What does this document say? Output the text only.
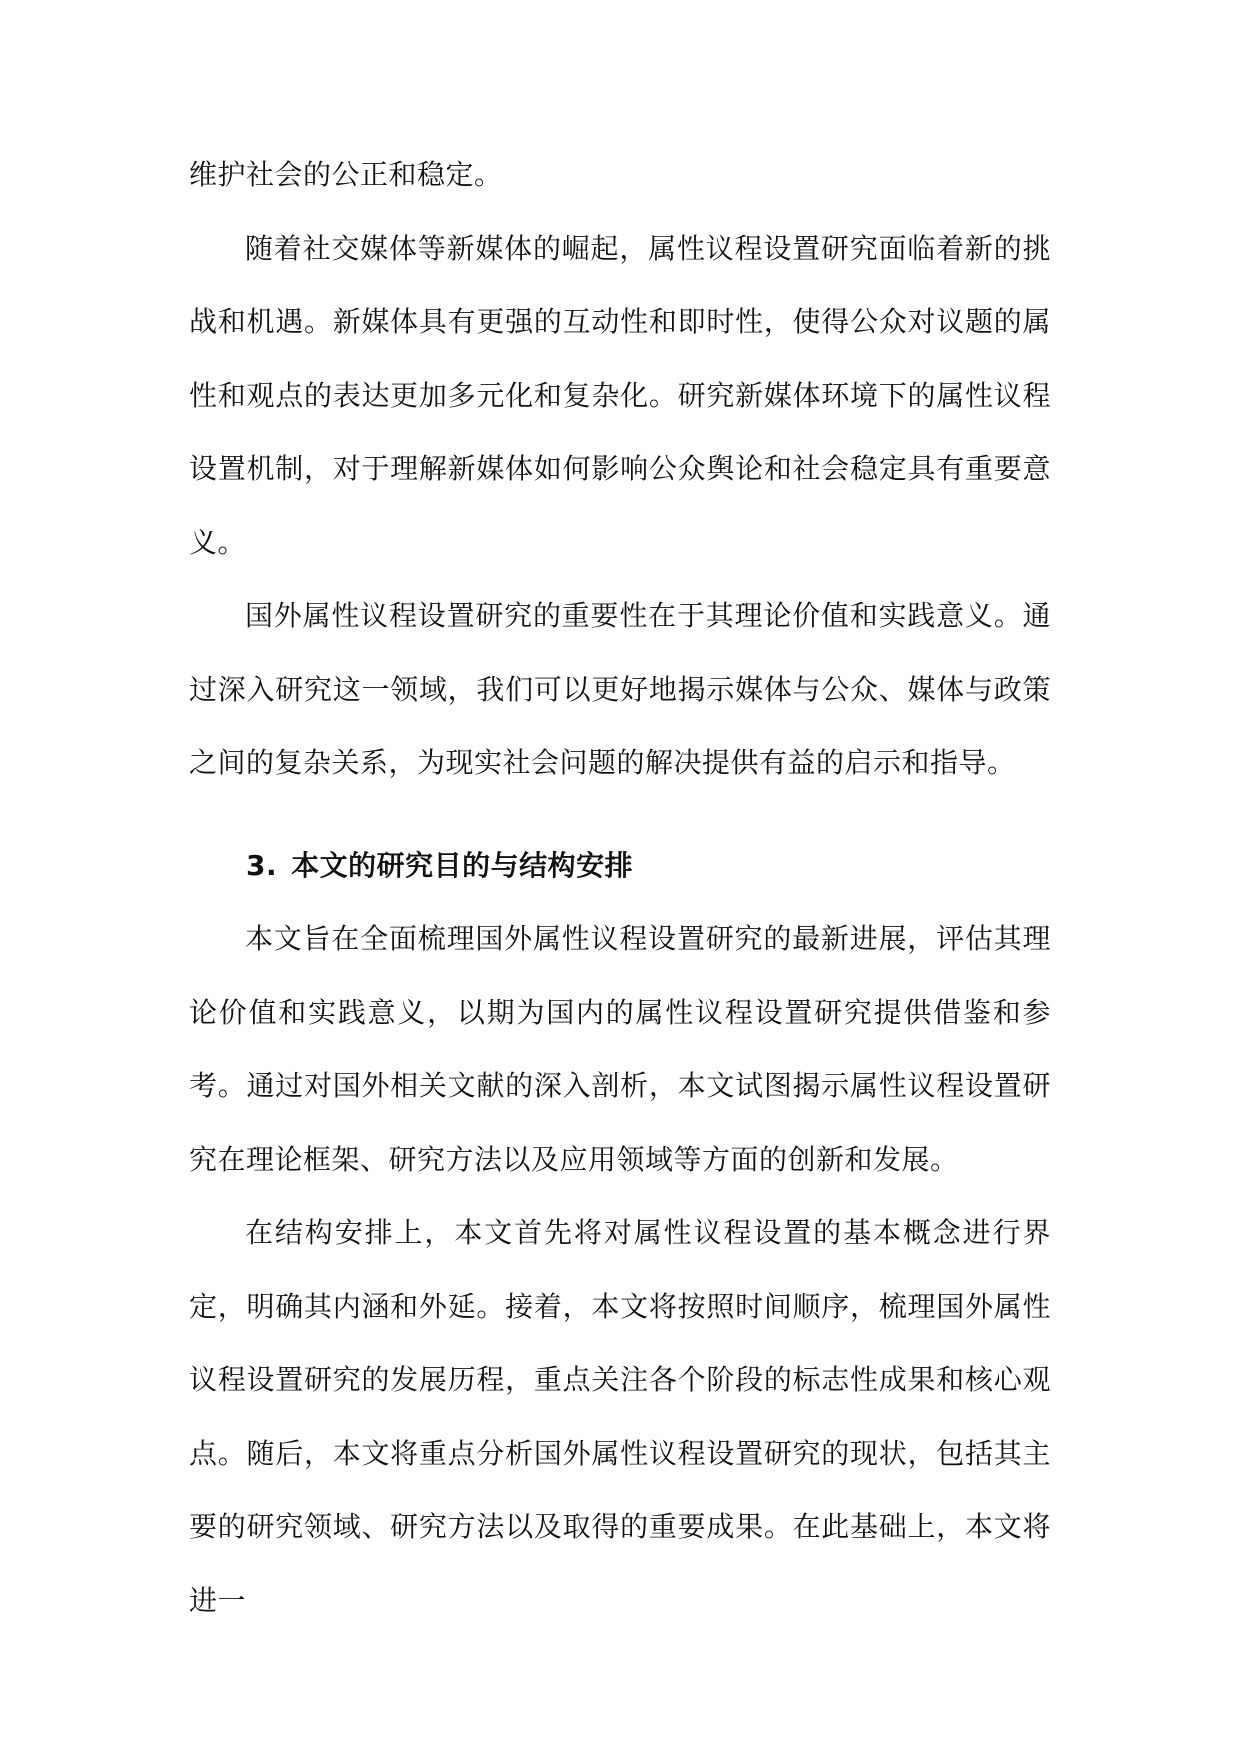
维护社会的公正和稳定。

随着社交媒体等新媒体的崛起，属性议程设置研究面临着新的挑战和机遇。新媒体具有更强的互动性和即时性，使得公众对议题的属性和观点的表达更加多元化和复杂化。研究新媒体环境下的属性议程设置机制，对于理解新媒体如何影响公众舆论和社会稳定具有重要意义。

国外属性议程设置研究的重要性在于其理论价值和实践意义。通过深入研究这一领域，我们可以更好地揭示媒体与公众、媒体与政策之间的复杂关系，为现实社会问题的解决提供有益的启示和指导。

3. 本文的研究目的与结构安排

本文旨在全面梳理国外属性议程设置研究的最新进展，评估其理论价值和实践意义，以期为国内的属性议程设置研究提供借鉴和参考。通过对国外相关文献的深入剖析，本文试图揭示属性议程设置研究在理论框架、研究方法以及应用领域等方面的创新和发展。

在结构安排上，本文首先将对属性议程设置的基本概念进行界定，明确其内涵和外延。接着，本文将按照时间顺序，梳理国外属性议程设置研究的发展历程，重点关注各个阶段的标志性成果和核心观点。随后，本文将重点分析国外属性议程设置研究的现状，包括其主要的研究领域、研究方法以及取得的重要成果。在此基础上，本文将进一
